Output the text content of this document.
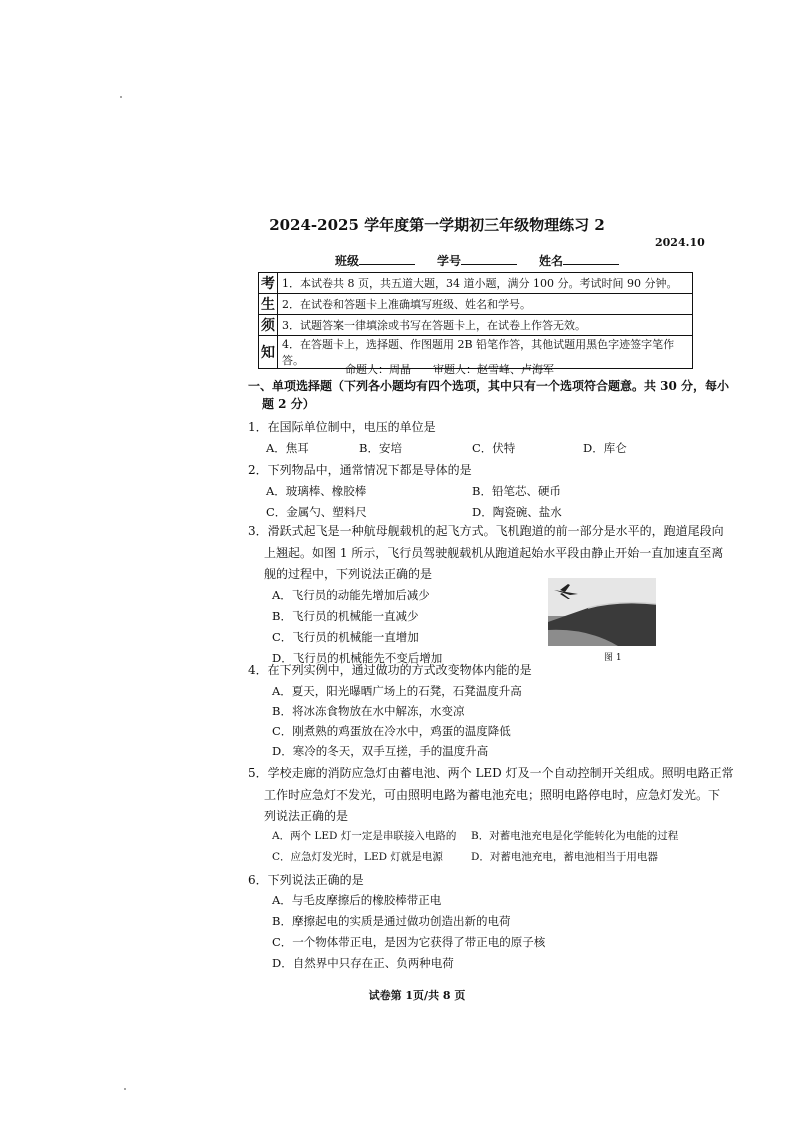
2024-2025 学年度第一学期初三年级物理练习 2
2024.10
班级	学号	姓名
考	1．本试卷共 8 页，共五道大题，34 道小题，满分 100 分。考试时间 90 分钟。
生	2．在试卷和答题卡上准确填写班级、姓名和学号。
须	3．试题答案一律填涂或书写在答题卡上，在试卷上作答无效。
知	4．在答题卡上，选择题、作图题用 2B 铅笔作答，其他试题用黑色字迹签字笔作答。
命题人：周晶　　审题人：赵雪峰、卢海军
一、单项选择题（下列各小题均有四个选项，其中只有一个选项符合题意。共 30 分，每小
题 2 分）
1．在国际单位制中，电压的单位是
A．焦耳	B．安培	C．伏特	D．库仑
2．下列物品中，通常情况下都是导体的是
A．玻璃棒、橡胶棒	B．铅笔芯、硬币
C．金属勺、塑料尺	D．陶瓷碗、盐水
3．滑跃式起飞是一种航母舰载机的起飞方式。飞机跑道的前一部分是水平的，跑道尾段向
上翘起。如图 1 所示，飞行员驾驶舰载机从跑道起始水平段由静止开始一直加速直至离
舰的过程中，下列说法正确的是
A．飞行员的动能先增加后减少
B．飞行员的机械能一直减少
C．飞行员的机械能一直增加
D．飞行员的机械能先不变后增加	图 1
4．在下列实例中，通过做功的方式改变物体内能的是
A．夏天，阳光曝晒广场上的石凳，石凳温度升高
B．将冰冻食物放在水中解冻，水变凉
C．刚煮熟的鸡蛋放在冷水中，鸡蛋的温度降低
D．寒冷的冬天，双手互搓，手的温度升高
5．学校走廊的消防应急灯由蓄电池、两个 LED 灯及一个自动控制开关组成。照明电路正常
工作时应急灯不发光，可由照明电路为蓄电池充电；照明电路停电时，应急灯发光。下
列说法正确的是
A．两个 LED 灯一定是串联接入电路的 B．对蓄电池充电是化学能转化为电能的过程
C．应急灯发光时，LED 灯就是电源	D．对蓄电池充电，蓄电池相当于用电器
6．下列说法正确的是
A．与毛皮摩擦后的橡胶棒带正电
B．摩擦起电的实质是通过做功创造出新的电荷
C．一个物体带正电，是因为它获得了带正电的原子核
D．自然界中只存在正、负两种电荷
试卷第 1页/共 8 页
